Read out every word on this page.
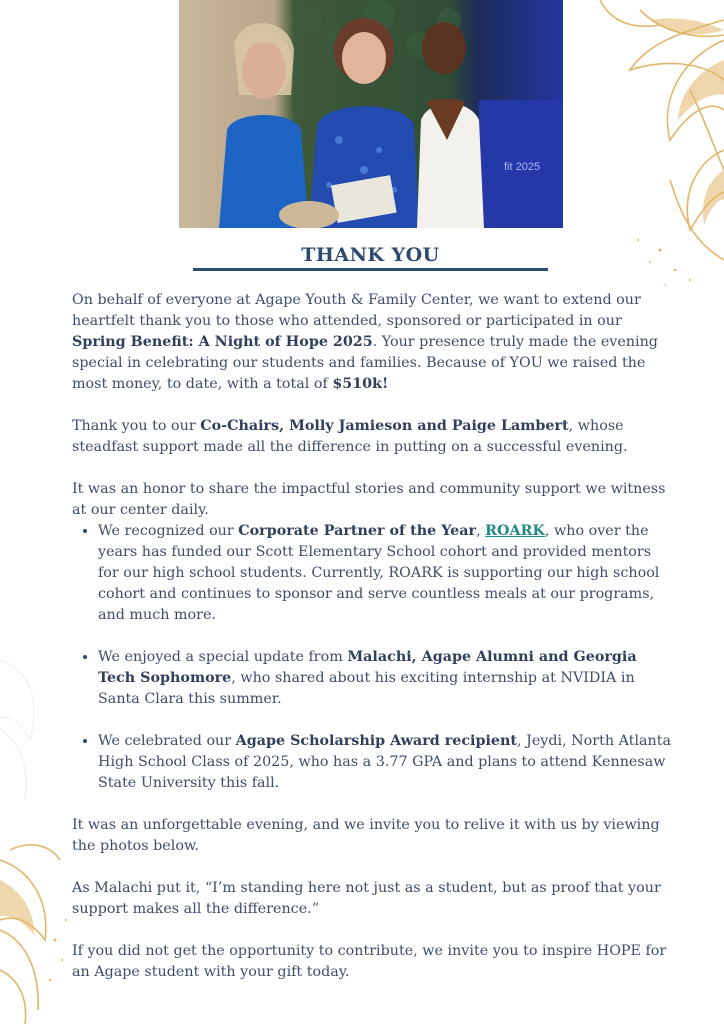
fit 2025
THANK YOU

On behalf of everyone at Agape Youth & Family Center, we want to extend our heartfelt thank you to those who attended, sponsored or participated in our Spring Benefit: A Night of Hope 2025. Your presence truly made the evening special in celebrating our students and families. Because of YOU we raised the most money, to date, with a total of $510k!

Thank you to our Co-Chairs, Molly Jamieson and Paige Lambert, whose steadfast support made all the difference in putting on a successful evening.

It was an honor to share the impactful stories and community support we witness at our center daily.

• We recognized our Corporate Partner of the Year, ROARK, who over the years has funded our Scott Elementary School cohort and provided mentors for our high school students. Currently, ROARK is supporting our high school cohort and continues to sponsor and serve countless meals at our programs, and much more.
• We enjoyed a special update from Malachi, Agape Alumni and Georgia Tech Sophomore, who shared about his exciting internship at NVIDIA in Santa Clara this summer.
• We celebrated our Agape Scholarship Award recipient, Jeydi, North Atlanta High School Class of 2025, who has a 3.77 GPA and plans to attend Kennesaw State University this fall.

It was an unforgettable evening, and we invite you to relive it with us by viewing the photos below.

As Malachi put it, “I’m standing here not just as a student, but as proof that your support makes all the difference.”

If you did not get the opportunity to contribute, we invite you to inspire HOPE for an Agape student with your gift today.
